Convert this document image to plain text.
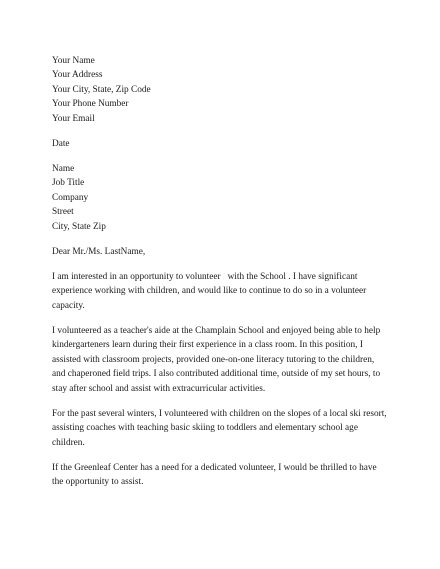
Your Name
Your Address
Your City, State, Zip Code
Your Phone Number
Your Email
Date
Name
Job Title
Company
Street
City, State Zip
Dear Mr./Ms. LastName,
I am interested in an opportunity to volunteer   with the School . I have significant
experience working with children, and would like to continue to do so in a volunteer
capacity.
I volunteered as a teacher's aide at the Champlain School and enjoyed being able to help
kindergarteners learn during their first experience in a class room. In this position, I
assisted with classroom projects, provided one-on-one literacy tutoring to the children,
and chaperoned field trips. I also contributed additional time, outside of my set hours, to
stay after school and assist with extracurricular activities.
For the past several winters, I volunteered with children on the slopes of a local ski resort,
assisting coaches with teaching basic skiing to toddlers and elementary school age
children.
If the Greenleaf Center has a need for a dedicated volunteer, I would be thrilled to have
the opportunity to assist.
